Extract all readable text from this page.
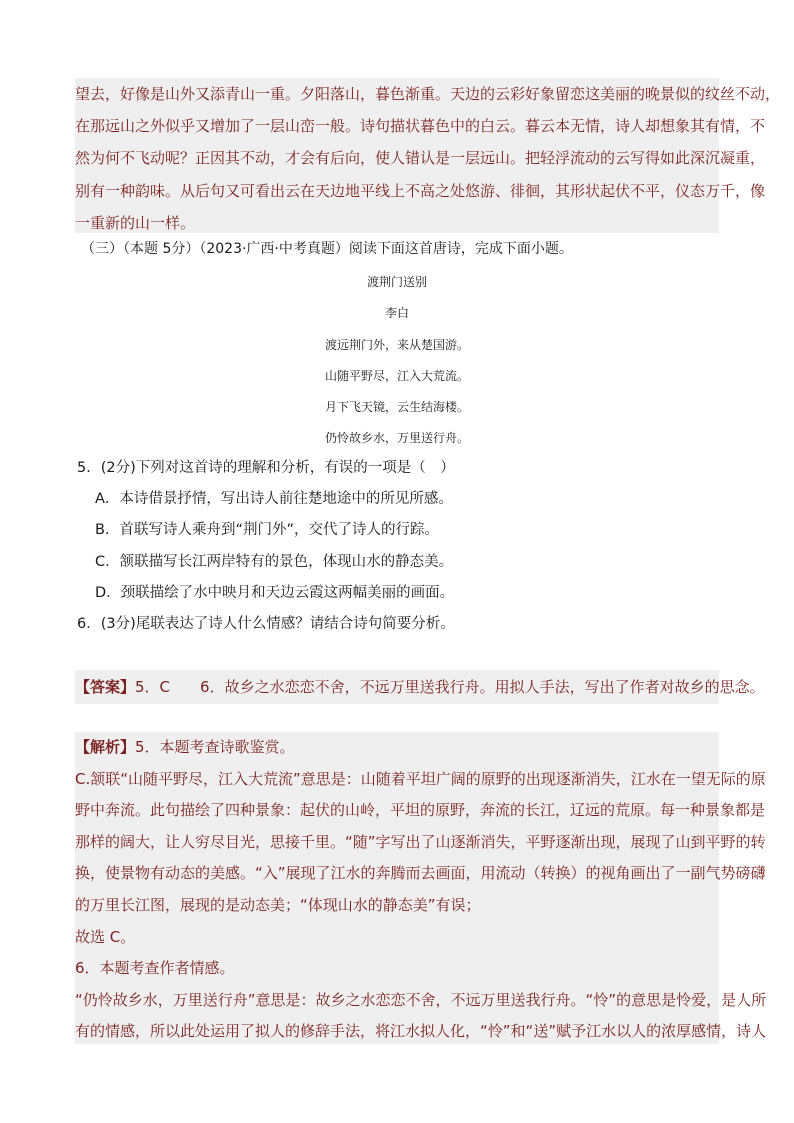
望去，好像是山外又添青山一重。夕阳落山，暮色渐重。天边的云彩好象留恋这美丽的晚景似的纹丝不动，
在那远山之外似乎又增加了一层山峦一般。诗句描状暮色中的白云。暮云本无情，诗人却想象其有情，不
然为何不飞动呢？正因其不动，才会有后向，使人错认是一层远山。把轻浮流动的云写得如此深沉凝重，
别有一种韵味。从后句又可看出云在天边地平线上不高之处悠游、徘徊，其形状起伏不平，仪态万千，像
一重新的山一样。
（三）（本题 5分）（2023·广西·中考真题）阅读下面这首唐诗，完成下面小题。
渡荆门送别
李白
渡远荆门外，来从楚国游。
山随平野尽，江入大荒流。
月下飞天镜，云生结海楼。
仍怜故乡水，万里送行舟。
5．(2分)下列对这首诗的理解和分析，有误的一项是（　）
A．本诗借景抒情，写出诗人前往楚地途中的所见所感。
B．首联写诗人乘舟到“荆门外”，交代了诗人的行踪。
C．颔联描写长江两岸特有的景色，体现山水的静态美。
D．颈联描绘了水中映月和天边云霞这两幅美丽的画面。
6．(3分)尾联表达了诗人什么情感？请结合诗句简要分析。
【答案】5．C　　6．故乡之水恋恋不舍，不远万里送我行舟。用拟人手法，写出了作者对故乡的思念。
【解析】5．本题考查诗歌鉴赏。
C.颔联“山随平野尽，江入大荒流”意思是：山随着平坦广阔的原野的出现逐渐消失，江水在一望无际的原
野中奔流。此句描绘了四种景象：起伏的山岭，平坦的原野，奔流的长江，辽远的荒原。每一种景象都是
那样的阔大，让人穷尽目光，思接千里。“随”字写出了山逐渐消失，平野逐渐出现，展现了山到平野的转
换，使景物有动态的美感。“入”展现了江水的奔腾而去画面，用流动（转换）的视角画出了一副气势磅礴
的万里长江图，展现的是动态美；“体现山水的静态美”有误；
故选 C。
6．本题考查作者情感。
“仍怜故乡水，万里送行舟”意思是：故乡之水恋恋不舍，不远万里送我行舟。“怜”的意思是怜爱，是人所
有的情感，所以此处运用了拟人的修辞手法，将江水拟人化，“怜”和“送”赋予江水以人的浓厚感情，诗人
